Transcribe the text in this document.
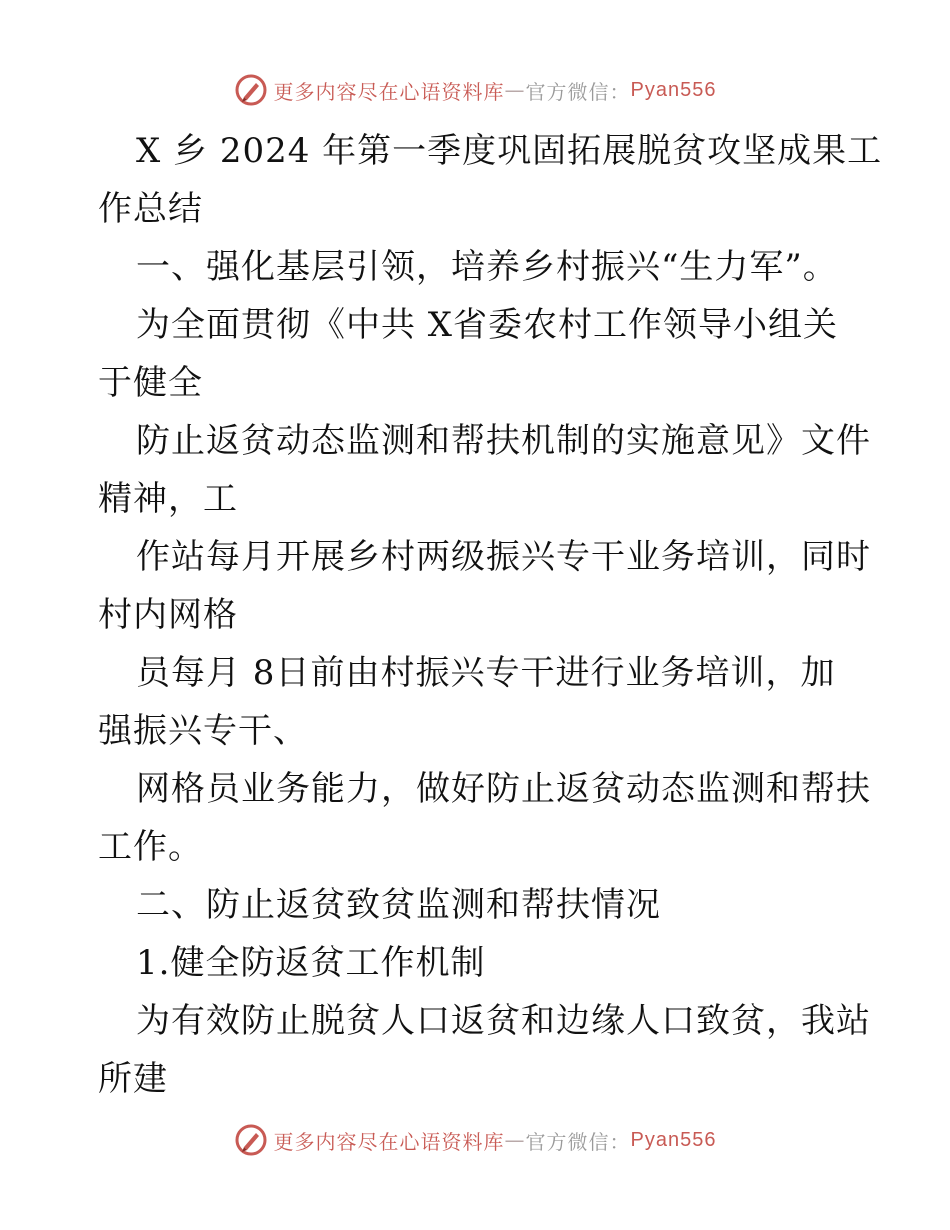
更多内容尽在心语资料库 — 官方微信： Pyan556
X 乡 2024 年第一季度巩固拓展脱贫攻坚成果工
作总结
一、强化基层引领，培养乡村振兴“生力军”。
为全面贯彻《中共 X省委农村工作领导小组关
于健全
防止返贫动态监测和帮扶机制的实施意见》文件
精神，工
作站每月开展乡村两级振兴专干业务培训，同时
村内网格
员每月 8日前由村振兴专干进行业务培训，加
强振兴专干、
网格员业务能力，做好防止返贫动态监测和帮扶
工作。
二、防止返贫致贫监测和帮扶情况
1.健全防返贫工作机制
为有效防止脱贫人口返贫和边缘人口致贫，我站
所建
更多内容尽在心语资料库 — 官方微信： Pyan556
